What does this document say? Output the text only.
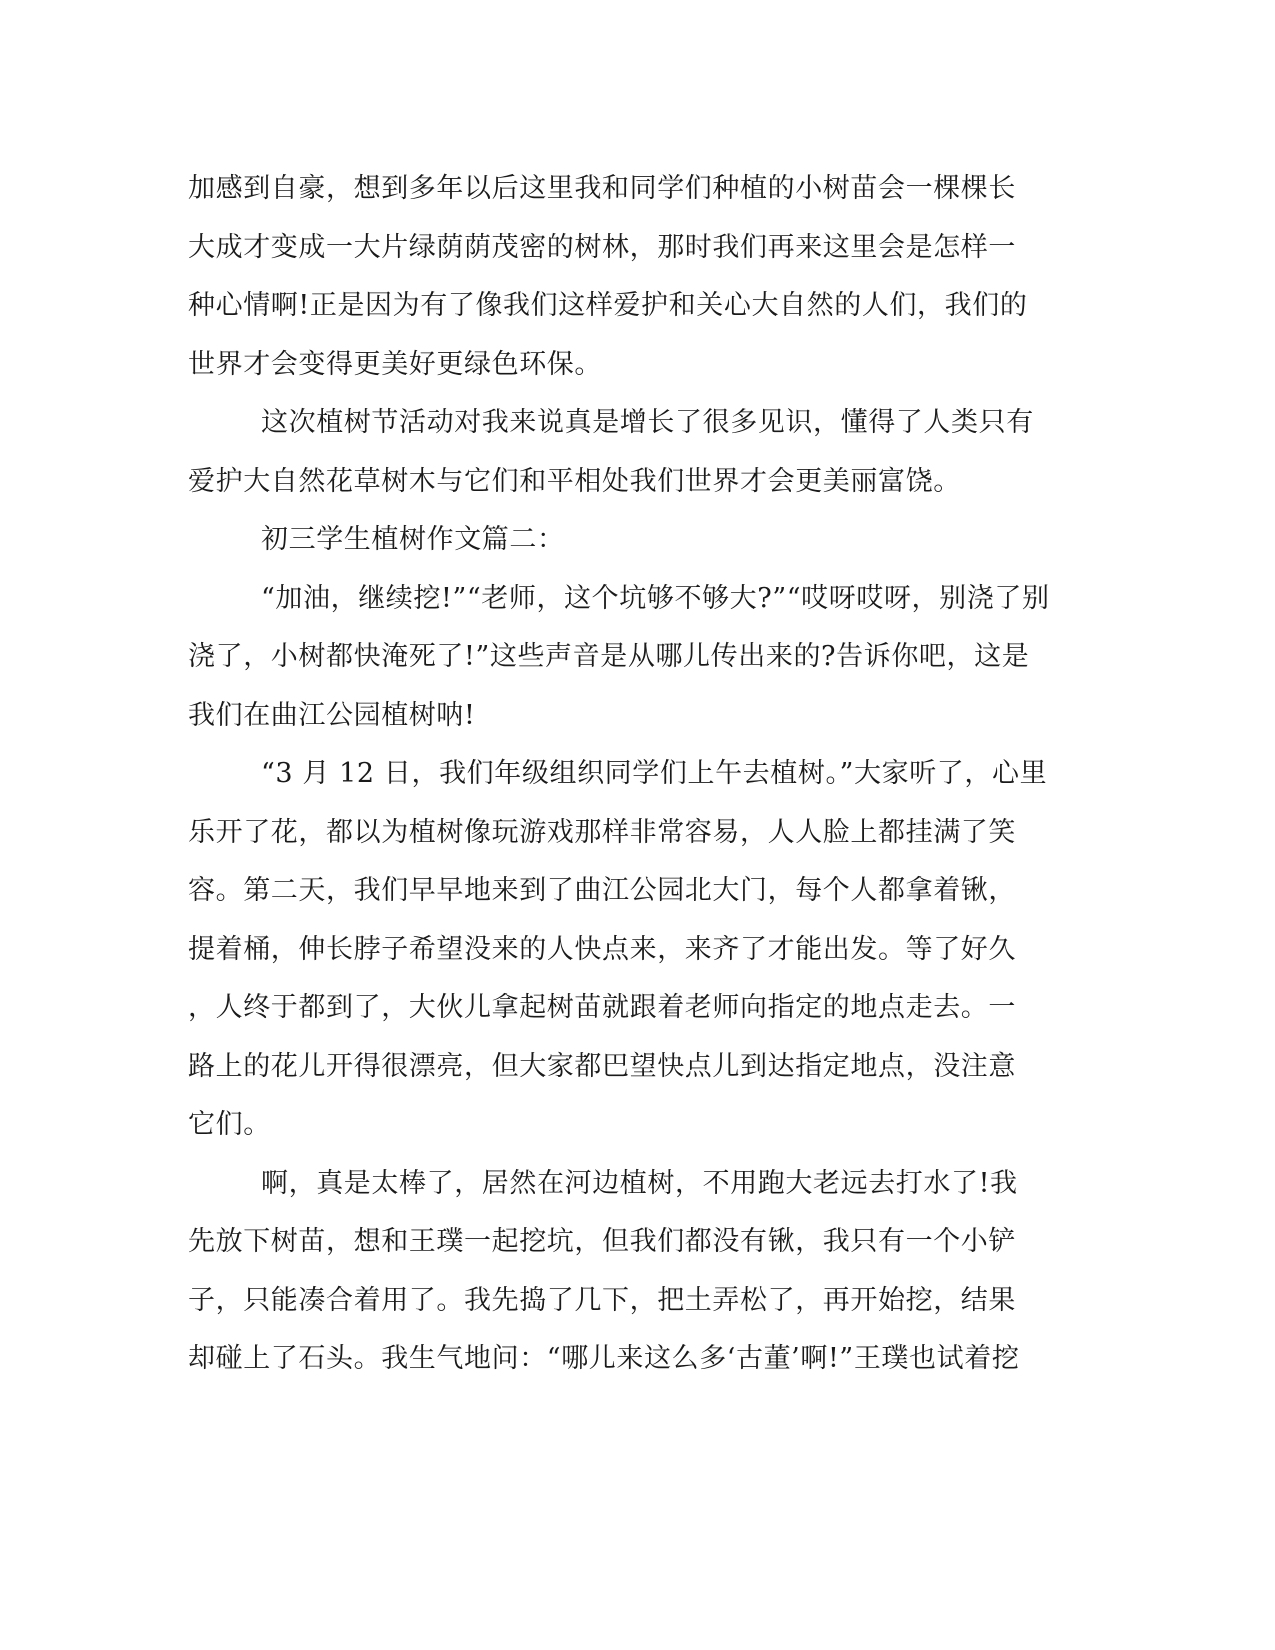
加感到自豪，想到多年以后这里我和同学们种植的小树苗会一棵棵长
大成才变成一大片绿荫荫茂密的树林，那时我们再来这里会是怎样一
种心情啊!正是因为有了像我们这样爱护和关心大自然的人们，我们的
世界才会变得更美好更绿色环保。
这次植树节活动对我来说真是增长了很多见识，懂得了人类只有
爱护大自然花草树木与它们和平相处我们世界才会更美丽富饶。
初三学生植树作文篇二：
“加油，继续挖!”“老师，这个坑够不够大?”“哎呀哎呀，别浇了别
浇了，小树都快淹死了!”这些声音是从哪儿传出来的?告诉你吧，这是
我们在曲江公园植树呐!
“3 月 12 日，我们年级组织同学们上午去植树。”大家听了，心里
乐开了花，都以为植树像玩游戏那样非常容易，人人脸上都挂满了笑
容。第二天，我们早早地来到了曲江公园北大门，每个人都拿着锹，
提着桶，伸长脖子希望没来的人快点来，来齐了才能出发。等了好久
，人终于都到了，大伙儿拿起树苗就跟着老师向指定的地点走去。一
路上的花儿开得很漂亮，但大家都巴望快点儿到达指定地点，没注意
它们。
啊，真是太棒了，居然在河边植树，不用跑大老远去打水了!我
先放下树苗，想和王璞一起挖坑，但我们都没有锹，我只有一个小铲
子，只能凑合着用了。我先捣了几下，把土弄松了，再开始挖，结果
却碰上了石头。我生气地问：“哪儿来这么多‘古董’啊!”王璞也试着挖
